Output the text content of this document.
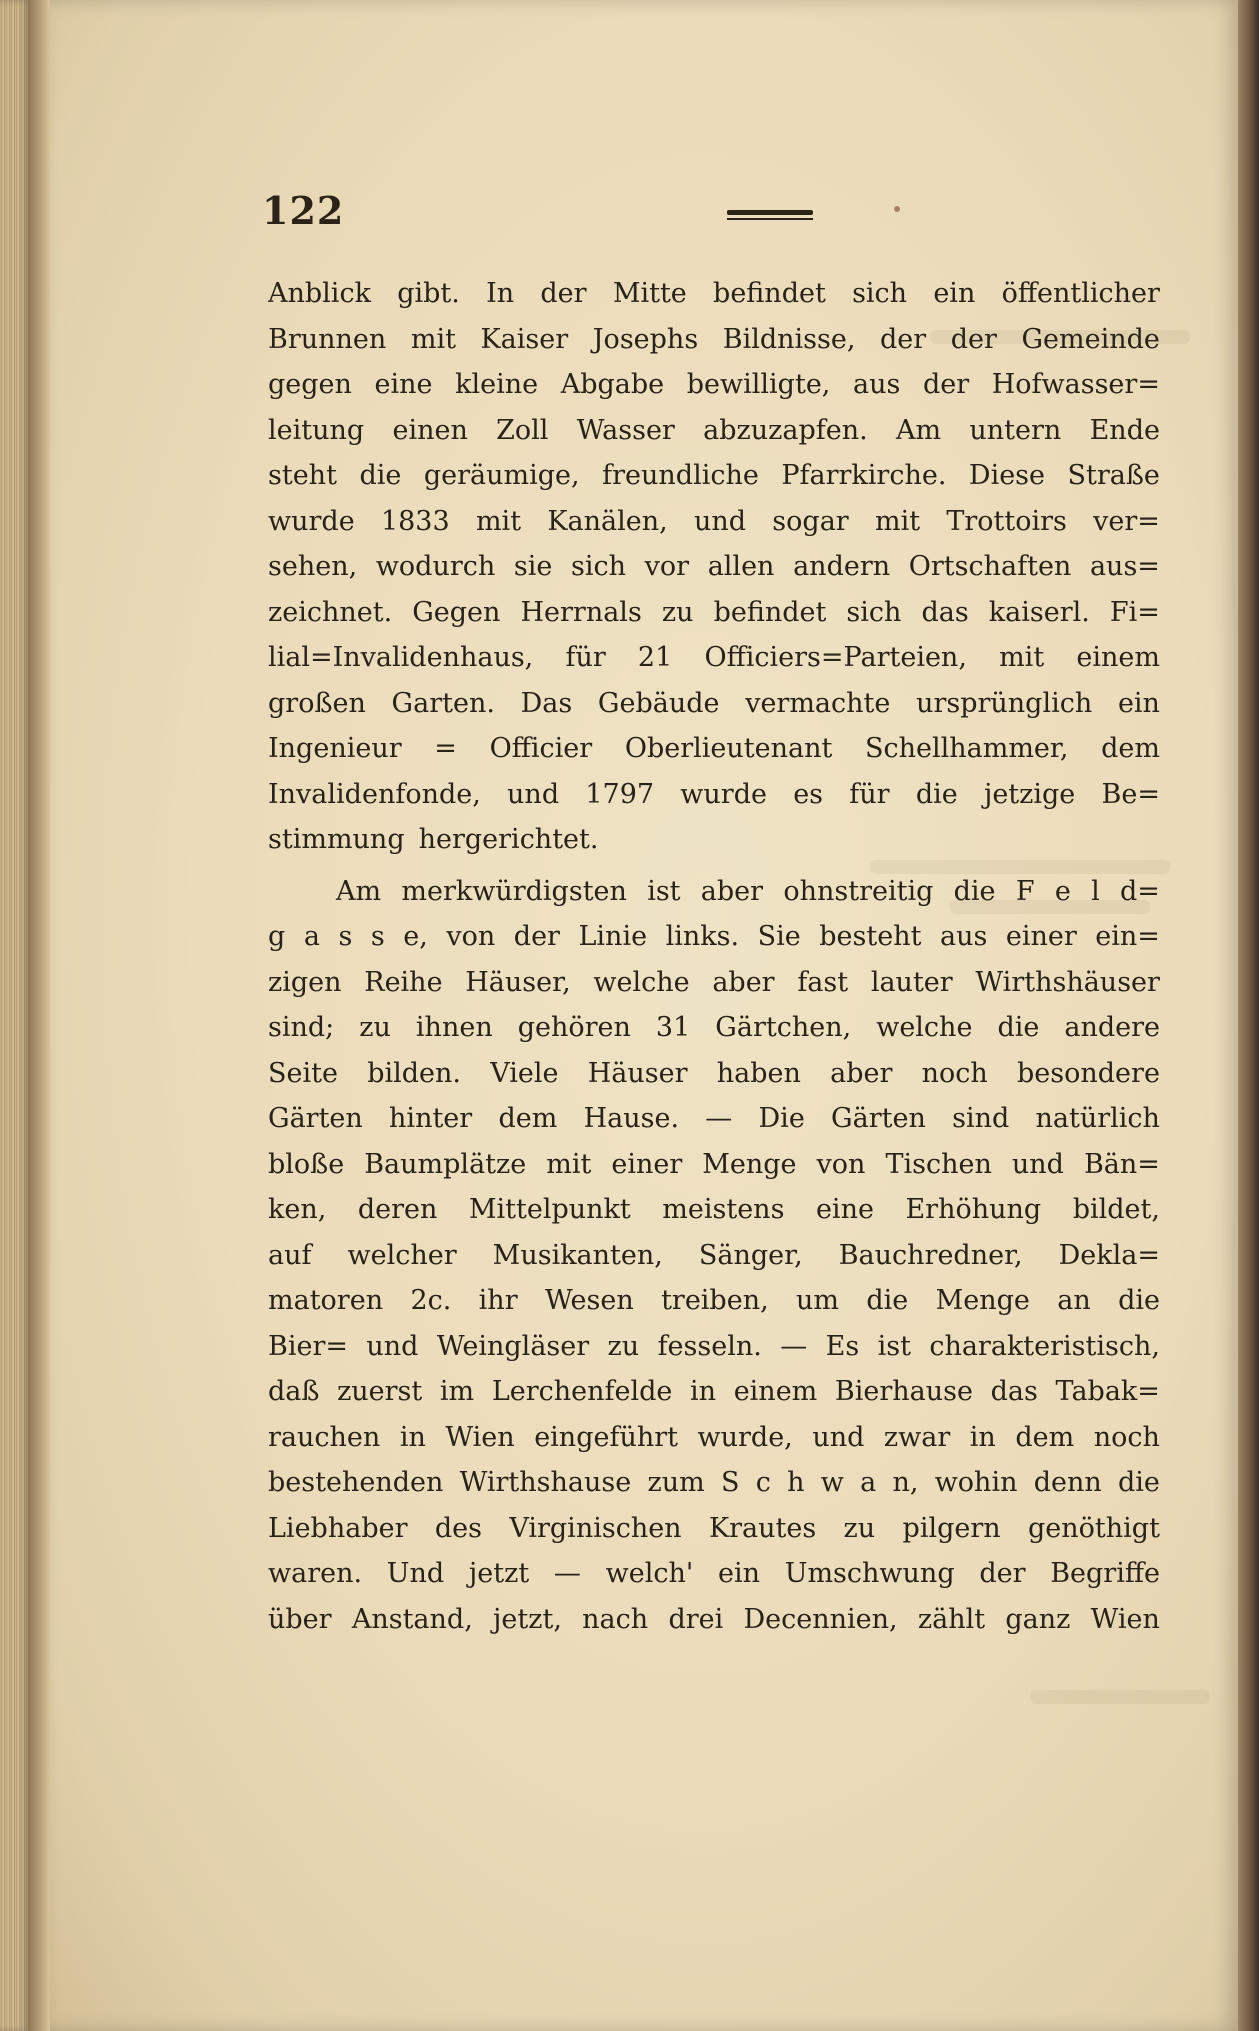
122
Anblick gibt. In der Mitte befindet sich ein öffentlicher
Brunnen mit Kaiser Josephs Bildnisse, der der Gemeinde
gegen eine kleine Abgabe bewilligte, aus der Hofwasser=
leitung einen Zoll Wasser abzuzapfen. Am untern Ende
steht die geräumige, freundliche Pfarrkirche. Diese Straße
wurde 1833 mit Kanälen, und sogar mit Trottoirs ver=
sehen, wodurch sie sich vor allen andern Ortschaften aus=
zeichnet. Gegen Herrnals zu befindet sich das kaiserl. Fi=
lial=Invalidenhaus, für 21 Officiers=Parteien, mit einem
großen Garten. Das Gebäude vermachte ursprünglich ein
Ingenieur = Officier Oberlieutenant Schellhammer, dem
Invalidenfonde, und 1797 wurde es für die jetzige Be=
stimmung hergerichtet.
Am merkwürdigsten ist aber ohnstreitig die F e l d=
g a s s e, von der Linie links. Sie besteht aus einer ein=
zigen Reihe Häuser, welche aber fast lauter Wirthshäuser
sind; zu ihnen gehören 31 Gärtchen, welche die andere
Seite bilden. Viele Häuser haben aber noch besondere
Gärten hinter dem Hause. — Die Gärten sind natürlich
bloße Baumplätze mit einer Menge von Tischen und Bän=
ken, deren Mittelpunkt meistens eine Erhöhung bildet,
auf welcher Musikanten, Sänger, Bauchredner, Dekla=
matoren 2c. ihr Wesen treiben, um die Menge an die
Bier= und Weingläser zu fesseln. — Es ist charakteristisch,
daß zuerst im Lerchenfelde in einem Bierhause das Tabak=
rauchen in Wien eingeführt wurde, und zwar in dem noch
bestehenden Wirthshause zum S c h w a n, wohin denn die
Liebhaber des Virginischen Krautes zu pilgern genöthigt
waren. Und jetzt — welch' ein Umschwung der Begriffe
über Anstand, jetzt, nach drei Decennien, zählt ganz Wien
